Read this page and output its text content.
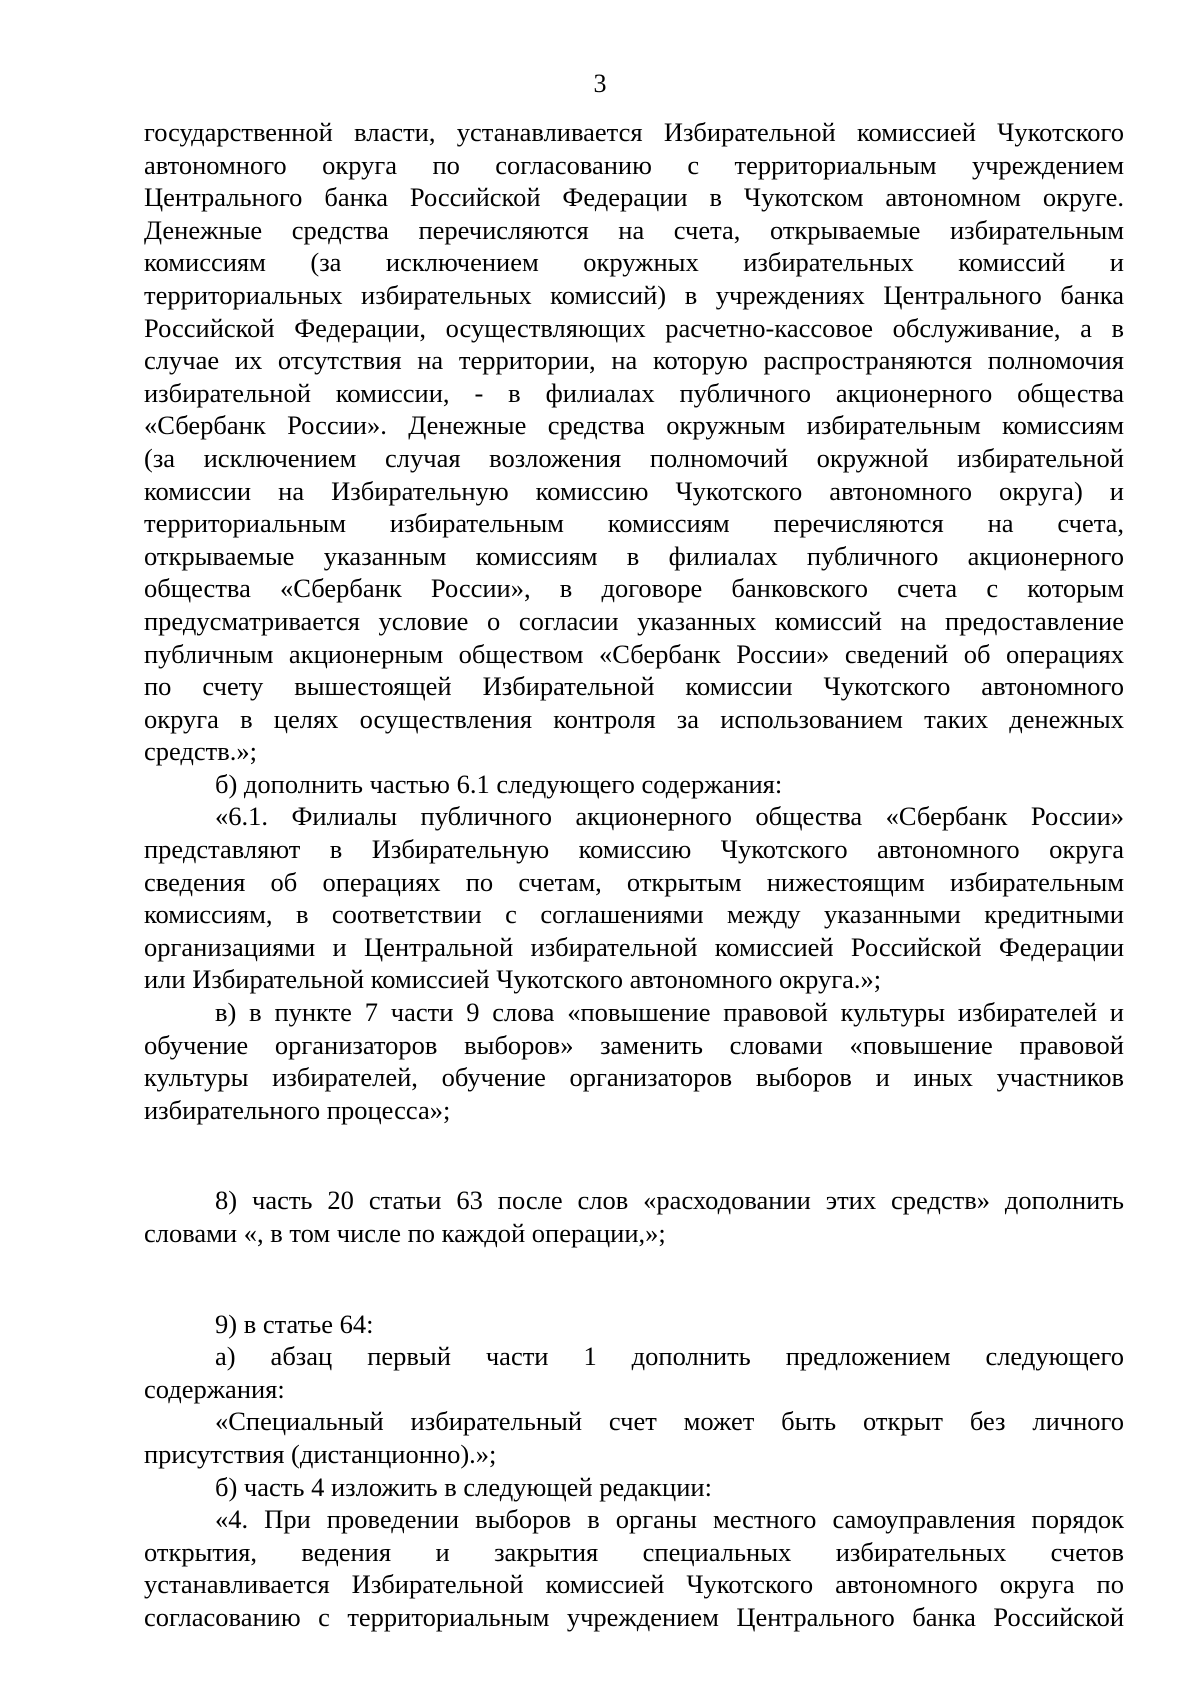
3

государственной власти, устанавливается Избирательной комиссией Чукотского

автономного округа по согласованию с территориальным учреждением

Центрального банка Российской Федерации в Чукотском автономном округе.

Денежные средства перечисляются на счета, открываемые избирательным

комиссиям (за исключением окружных избирательных комиссий и

территориальных избирательных комиссий) в учреждениях Центрального банка

Российской Федерации, осуществляющих расчетно-кассовое обслуживание, а в

случае их отсутствия на территории, на которую распространяются полномочия

избирательной комиссии, - в филиалах публичного акционерного общества

«Сбербанк России». Денежные средства окружным избирательным комиссиям

(за исключением случая возложения полномочий окружной избирательной

комиссии на Избирательную комиссию Чукотского автономного округа) и

территориальным избирательным комиссиям перечисляются на счета,

открываемые указанным комиссиям в филиалах публичного акционерного

общества «Сбербанк России», в договоре банковского счета с которым

предусматривается условие о согласии указанных комиссий на предоставление

публичным акционерным обществом «Сбербанк России» сведений об операциях

по счету вышестоящей Избирательной комиссии Чукотского автономного

округа в целях осуществления контроля за использованием таких денежных

средств.»;

б) дополнить частью 6.1 следующего содержания:

«6.1. Филиалы публичного акционерного общества «Сбербанк России»

представляют в Избирательную комиссию Чукотского автономного округа

сведения об операциях по счетам, открытым нижестоящим избирательным

комиссиям, в соответствии с соглашениями между указанными кредитными

организациями и Центральной избирательной комиссией Российской Федерации

или Избирательной комиссией Чукотского автономного округа.»;

в) в пункте 7 части 9 слова «повышение правовой культуры избирателей и

обучение организаторов выборов» заменить словами «повышение правовой

культуры избирателей, обучение организаторов выборов и иных участников

избирательного процесса»;

8) часть 20 статьи 63 после слов «расходовании этих средств» дополнить

словами «, в том числе по каждой операции,»;

9) в статье 64:

а) абзац первый части 1 дополнить предложением следующего

содержания:

«Специальный избирательный счет может быть открыт без личного

присутствия (дистанционно).»;

б) часть 4 изложить в следующей редакции:

«4. При проведении выборов в органы местного самоуправления порядок

открытия, ведения и закрытия специальных избирательных счетов

устанавливается Избирательной комиссией Чукотского автономного округа по

согласованию с территориальным учреждением Центрального банка Российской
